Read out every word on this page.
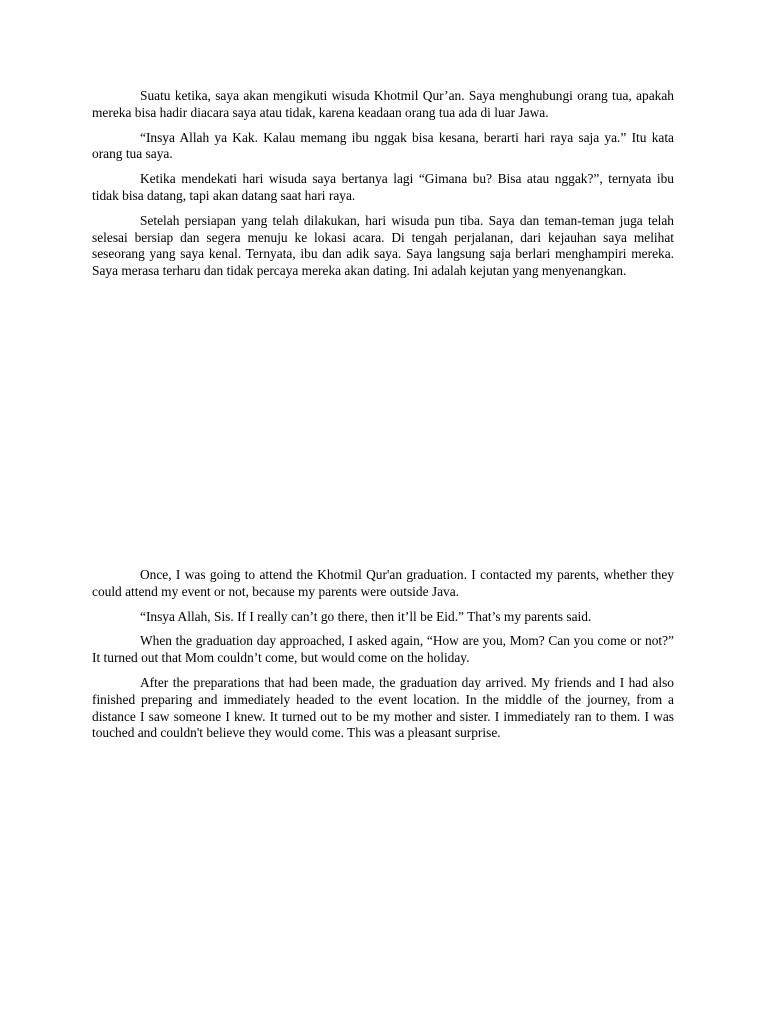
Suatu ketika, saya akan mengikuti wisuda Khotmil Qur’an. Saya menghubungi orang tua, apakah mereka bisa hadir diacara saya atau tidak, karena keadaan orang tua ada di luar Jawa.

“Insya Allah ya Kak. Kalau memang ibu nggak bisa kesana, berarti hari raya saja ya.” Itu kata orang tua saya.

Ketika mendekati hari wisuda saya bertanya lagi “Gimana bu? Bisa atau nggak?”, ternyata ibu tidak bisa datang, tapi akan datang saat hari raya.

Setelah persiapan yang telah dilakukan, hari wisuda pun tiba. Saya dan teman-teman juga telah selesai bersiap dan segera menuju ke lokasi acara. Di tengah perjalanan, dari kejauhan saya melihat seseorang yang saya kenal. Ternyata, ibu dan adik saya. Saya langsung saja berlari menghampiri mereka. Saya merasa terharu dan tidak percaya mereka akan dating. Ini adalah kejutan yang menyenangkan.

Once, I was going to attend the Khotmil Qur'an graduation. I contacted my parents, whether they could attend my event or not, because my parents were outside Java.

“Insya Allah, Sis. If I really can’t go there, then it’ll be Eid.” That’s my parents said.

When the graduation day approached, I asked again, “How are you, Mom? Can you come or not?” It turned out that Mom couldn’t come, but would come on the holiday.

After the preparations that had been made, the graduation day arrived. My friends and I had also finished preparing and immediately headed to the event location. In the middle of the journey, from a distance I saw someone I knew. It turned out to be my mother and sister. I immediately ran to them. I was touched and couldn't believe they would come. This was a pleasant surprise.
